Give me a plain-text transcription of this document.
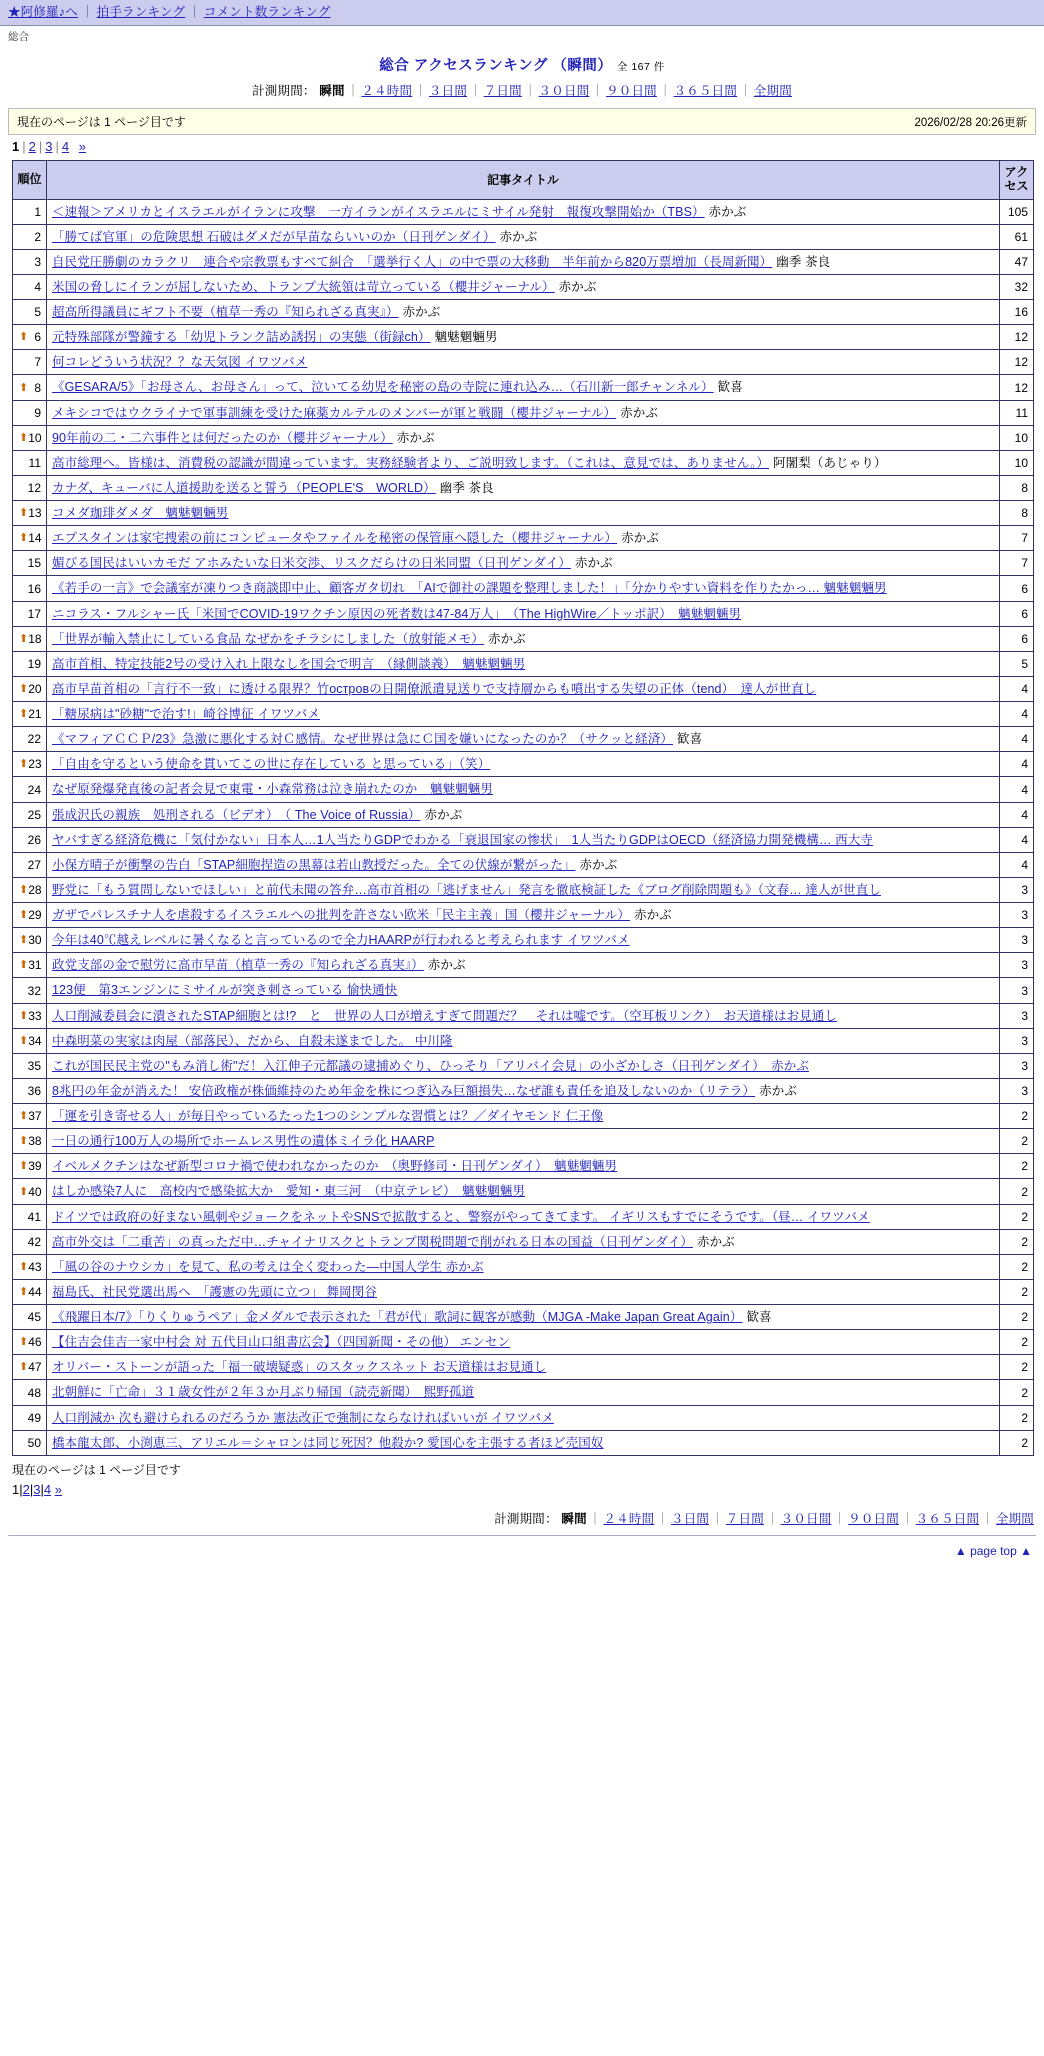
★阿修羅♪へ ｜ 拍手ランキング ｜ コメント数ランキング
総合
総合 アクセスランキング （瞬間） 全 167 件
計測期間： 瞬間 ｜ ２４時間 ｜ ３日間 ｜ ７日間 ｜ ３０日間 ｜ ９０日間 ｜ ３６５日間 ｜ 全期間
現在のページは 1 ページ目です	2026/02/28 20:26更新
1 | 2 | 3 | 4 »
順位	記事タイトル	アクセス
1	＜速報＞アメリカとイスラエルがイランに攻撃　一方イランがイスラエルにミサイル発射　報復攻撃開始か（TBS） 赤かぶ	105
2	「勝てば官軍」の危険思想 石破はダメだが早苗ならいいのか（日刊ゲンダイ） 赤かぶ	61
3	自民党圧勝劇のカラクリ　連合や宗教票もすべて糾合　「選挙行く人」の中で票の大移動　半年前から820万票増加（長周新聞） 幽季 茶良	47
4	米国の脅しにイランが屈しないため、トランプ大統領は苛立っている（櫻井ジャーナル） 赤かぶ	32
5	超高所得議員にギフト不要（植草一秀の『知られざる真実』） 赤かぶ	16

⬆ 6	元特殊部隊が警鐘する「幼児トランク詰め誘拐」の実態（街録ch） 魑魅魍魎男	12
7	何コレどういう状況？？な天気図 イワツバメ	12

⬆ 8	《GESARA/5》「お母さん、お母さん」って、泣いてる幼児を秘密の島の寺院に連れ込み…（石川新一郎チャンネル） 歓喜	12
9	メキシコではウクライナで軍事訓練を受けた麻薬カルテルのメンバーが軍と戦闘（櫻井ジャーナル） 赤かぶ	11

⬆ 10	90年前の二・二六事件とは何だったのか（櫻井ジャーナル） 赤かぶ	10
11	高市総理へ。皆様は、消費税の認識が間違っています。実務経験者より、ご説明致します。（これは、意見では、ありません。） 阿闍梨（あじゃり）	10
12	カナダ、キューバに人道援助を送ると誓う（PEOPLE'S　WORLD） 幽季 茶良	8

⬆ 13	コメダ珈琲ダメダ　魑魅魍魎男	8

⬆ 14	エプスタインは家宅捜索の前にコンピュータやファイルを秘密の保管庫へ隠した（櫻井ジャーナル） 赤かぶ	7
15	媚びる国民はいいカモだ アホみたいな日米交渉、リスクだらけの日米同盟（日刊ゲンダイ） 赤かぶ	7
16	《若手の一言》で会議室が凍りつき商談即中止、顧客ガタ切れ　「AIで御社の課題を整理しました！」「分かりやすい資料を作りたかっ… 魑魅魍魎男	6
17	ニコラス・フルシャー氏「米国でCOVID-19ワクチン原因の死者数は47-84万人」　（The HighWire／トッポ訳）　魑魅魍魎男	6

⬆ 18	「世界が輸入禁止にしている食品 なぜかをチラシにしました（放射能メモ） 赤かぶ	6
19	高市首相、特定技能2号の受け入れ上限なしを国会で明言　（縁側談義）　魑魅魍魎男	5

⬆ 20	高市早苗首相の「言行不一致」に透ける限界？竹островの日開僚派遣見送りで支持層からも噴出する失望の正体（tend）　達人が世直し	4

⬆ 21	「糖尿病は"砂糖"で治す!」崎谷博征 イワツバメ	4
22	《マフィアＣＣＰ/23》急激に悪化する対Ｃ感情。なぜ世界は急にＣ国を嫌いになったのか？（サクッと経済） 歓喜	4

⬆ 23	「自由を守るという使命を貫いてこの世に存在している と思っている」（笑）	4
24	なぜ原発爆発直後の記者会見で東電・小森常務は泣き崩れたのか　魑魅魍魎男	4
25	張成沢氏の親族　処刑される（ビデオ）　（ The Voice of Russia） 赤かぶ	4
26	ヤバすぎる経済危機に「気付かない」日本人…1人当たりGDPでわかる「衰退国家の惨状」　1人当たりGDPはOECD（経済協力開発機構… 西大寺	4
27	小保方晴子が衝撃の告白「STAP細胞捏造の黒幕は若山教授だった。全ての伏線が繋がった」 赤かぶ	4

⬆ 28	野党に「もう質問しないでほしい」と前代未聞の答弁…高市首相の「逃げません」発言を徹底検証した《ブログ削除問題も》（文春… 達人が世直し	3

⬆ 29	ガザでパレスチナ人を虐殺するイスラエルへの批判を許さない欧米「民主主義」国（櫻井ジャーナル） 赤かぶ	3

⬆ 30	今年は40℃越えレベルに暑くなると言っているので全力HAARPが行われると考えられます イワツバメ	3

⬆ 31	政党支部の金で慰労に高市早苗（植草一秀の『知られざる真実』） 赤かぶ	3
32	123便　第3エンジンにミサイルが突き刺さっている 愉快通快	3

⬆ 33	人口削減委員会に潰されたSTAP細胞とは!?　と　世界の人口が増えすぎて問題だ？　それは嘘です。（空耳板リンク）　お天道様はお見通し	3

⬆ 34	中森明菜の実家は肉屋（部落民）、だから、自殺未遂までした。 中川隆	3
35	これが国民民主党の"もみ消し術"だ！入江伸子元都議の逮捕めぐり、ひっそり「アリバイ会見」の小ざかしさ（日刊ゲンダイ）　赤かぶ	3
36	8兆円の年金が消えた！ 安倍政権が株価維持のため年金を株につぎ込み巨額損失…なぜ誰も責任を追及しないのか（リテラ） 赤かぶ	3

⬆ 37	「運を引き寄せる人」が毎日やっているたった1つのシンプルな習慣とは？／ダイヤモンド 仁王像	2

⬆ 38	一日の通行100万人の場所でホームレス男性の遺体ミイラ化 HAARP	2

⬆ 39	イベルメクチンはなぜ新型コロナ禍で使われなかったのか　（奥野修司・日刊ゲンダイ）　魑魅魍魎男	2

⬆ 40	はしか感染7人に　高校内で感染拡大か　愛知・東三河　（中京テレビ）　魑魅魍魎男	2
41	ドイツでは政府の好まない風刺やジョークをネットやSNSで拡散すると、警察がやってきてます。 イギリスもすでにそうです。（昼… イワツバメ	2
42	高市外交は「二重苦」の真っただ中…チャイナリスクとトランプ関税問題で削がれる日本の国益（日刊ゲンダイ） 赤かぶ	2

⬆ 43	「風の谷のナウシカ」を見て、私の考えは全く変わった―中国人学生 赤かぶ	2

⬆ 44	福島氏、社民党選出馬へ　「護憲の先頭に立つ」 舞岡閔谷	2
45	《飛躍日本/7》「りくりゅうペア」金メダルで表示された「君が代」歌詞に観客が感動（MJGA -Make Japan Great Again） 歓喜	2

⬆ 46	【住吉会佳吉一家中村会 対 五代目山口組書広会】（四国新聞・その他） エンセン	2

⬆ 47	オリバー・ストーンが語った「福一破壊疑惑」のスタックスネット お天道様はお見通し	2
48	北朝鮮に「亡命」３１歳女性が２年３か月ぶり帰国（読売新聞）　熙野孤道	2
49	人口削減か 次も避けられるのだろうか 憲法改正で強制にならなければいいが イワツバメ	2
50	橋本龍太郎、小渕恵三、アリエル＝シャロンは同じ死因？他殺か? 愛国心を主張する者ほど売国奴	2
現在のページは 1 ページ目です
1|2|3|4 »
計測期間： 瞬間 ｜ ２４時間 ｜ ３日間 ｜ ７日間 ｜ ３０日間 ｜ ９０日間 ｜ ３６５日間 ｜ 全期間
▲ page top ▲
